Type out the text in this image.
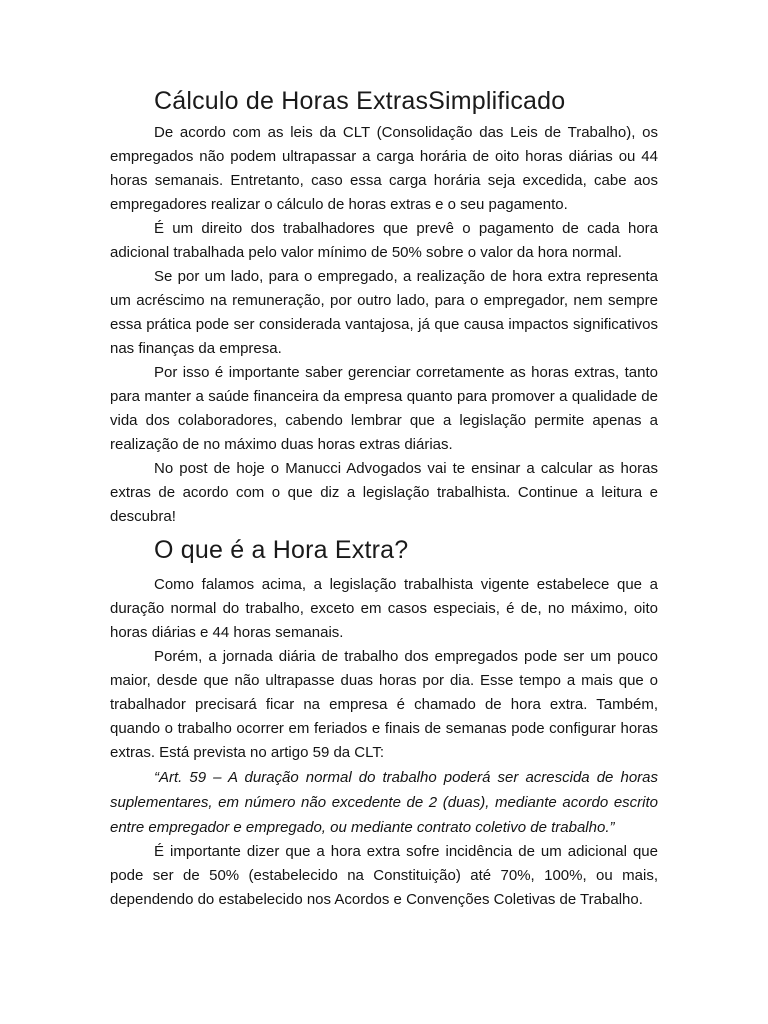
Cálculo de Horas ExtrasSimplificado

De acordo com as leis da CLT (Consolidação das Leis de Trabalho), os empregados não podem ultrapassar a carga horária de oito horas diárias ou 44 horas semanais. Entretanto, caso essa carga horária seja excedida, cabe aos empregadores realizar o cálculo de horas extras e o seu pagamento.

É um direito dos trabalhadores que prevê o pagamento de cada hora adicional trabalhada pelo valor mínimo de 50% sobre o valor da hora normal.

Se por um lado, para o empregado, a realização de hora extra representa um acréscimo na remuneração, por outro lado, para o empregador, nem sempre essa prática pode ser considerada vantajosa, já que causa impactos significativos nas finanças da empresa.

Por isso é importante saber gerenciar corretamente as horas extras, tanto para manter a saúde financeira da empresa quanto para promover a qualidade de vida dos colaboradores, cabendo lembrar que a legislação permite apenas a realização de no máximo duas horas extras diárias.

No post de hoje o Manucci Advogados vai te ensinar a calcular as horas extras de acordo com o que diz a legislação trabalhista. Continue a leitura e descubra!

O que é a Hora Extra?

Como falamos acima, a legislação trabalhista vigente estabelece que a duração normal do trabalho, exceto em casos especiais, é de, no máximo, oito horas diárias e 44 horas semanais.

Porém, a jornada diária de trabalho dos empregados pode ser um pouco maior, desde que não ultrapasse duas horas por dia. Esse tempo a mais que o trabalhador precisará ficar na empresa é chamado de hora extra. Também, quando o trabalho ocorrer em feriados e finais de semanas pode configurar horas extras. Está prevista no artigo 59 da CLT:

“Art. 59 – A duração normal do trabalho poderá ser acrescida de horas suplementares, em número não excedente de 2 (duas), mediante acordo escrito entre empregador e empregado, ou mediante contrato coletivo de trabalho.”

É importante dizer que a hora extra sofre incidência de um adicional que pode ser de 50% (estabelecido na Constituição) até 70%, 100%, ou mais, dependendo do estabelecido nos Acordos e Convenções Coletivas de Trabalho.
